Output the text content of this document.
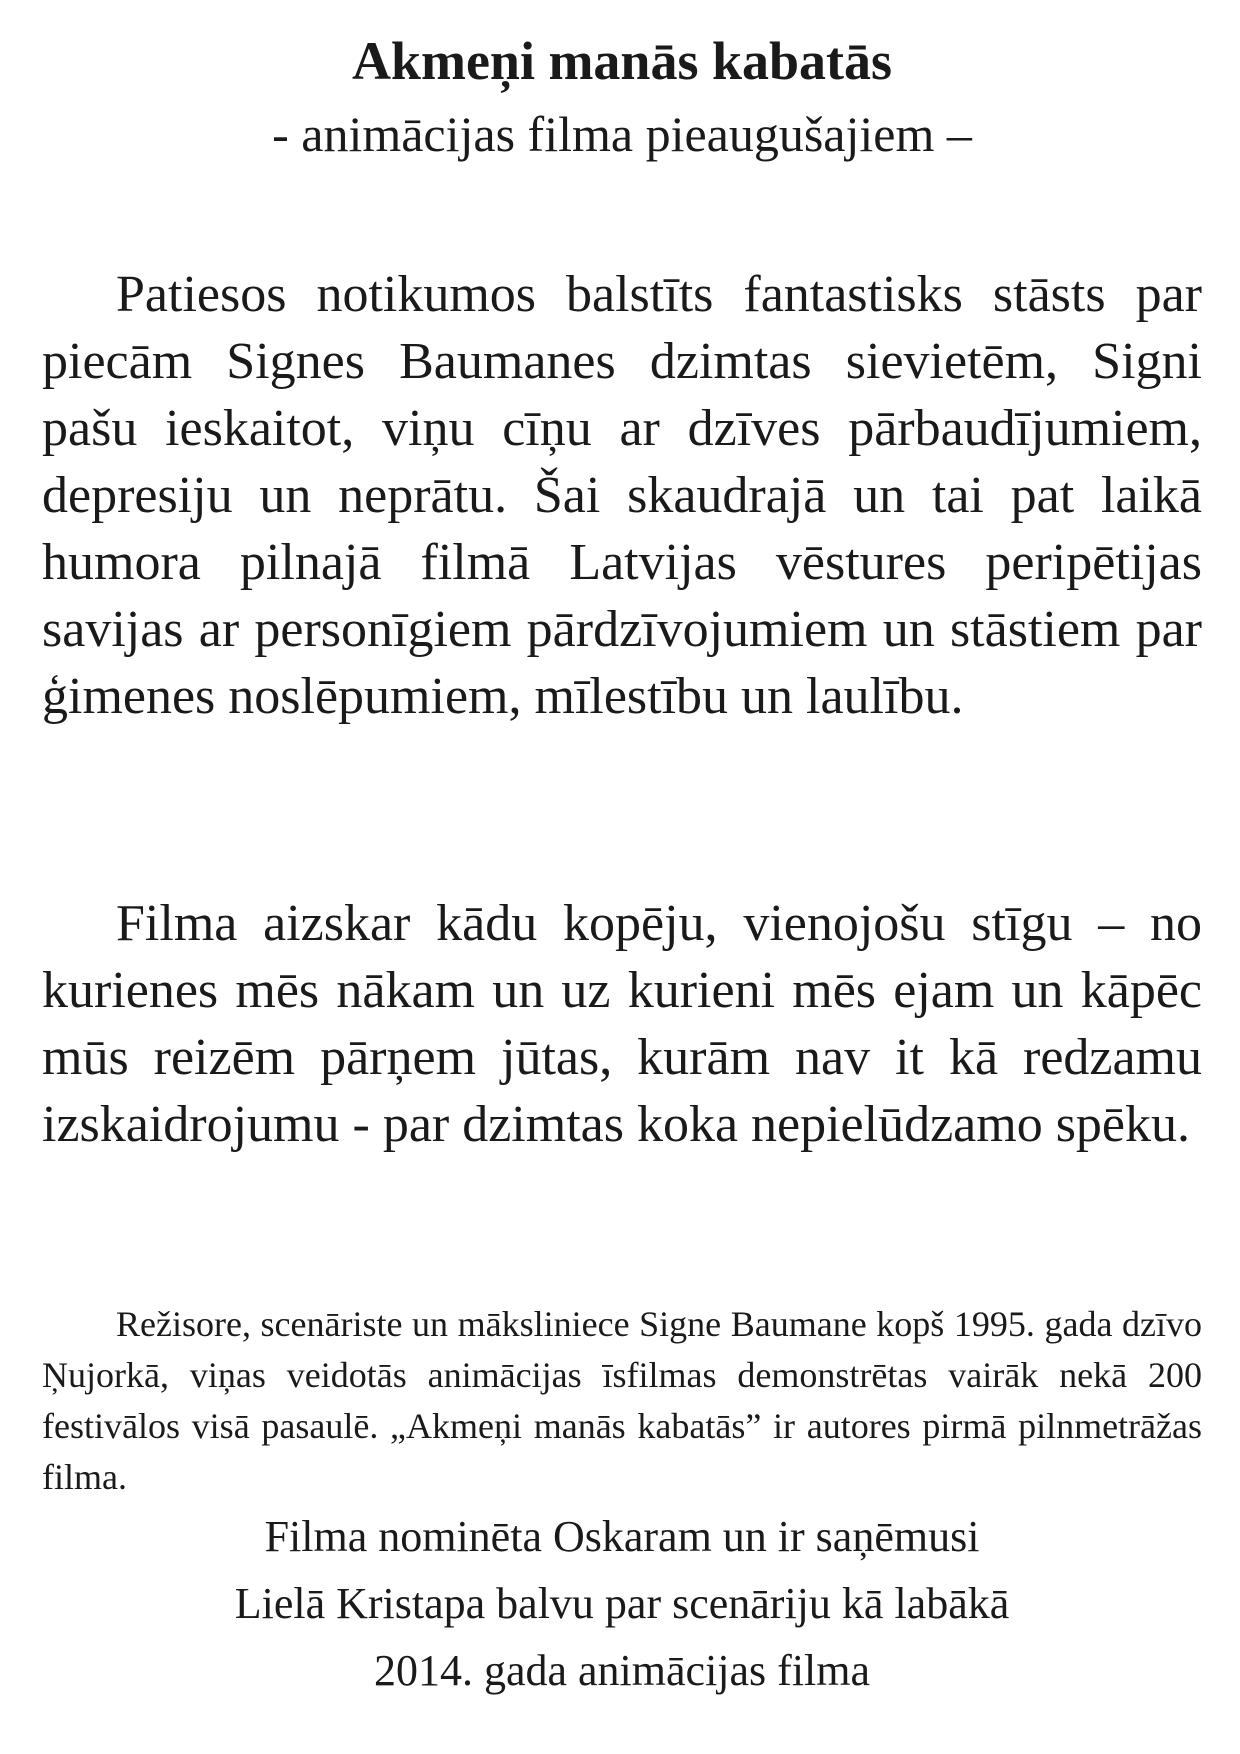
Akmeņi manās kabatās

- animācijas filma pieaugušajiem –

Patiesos notikumos balstīts fantastisks stāsts par piecām Signes Baumanes dzimtas sievietēm, Signi pašu ieskaitot, viņu cīņu ar dzīves pārbaudījumiem, depresiju un neprātu. Šai skaudrajā un tai pat laikā humora pilnajā filmā Latvijas vēstures peripētijas savijas ar personīgiem pārdzīvojumiem un stāstiem par ģimenes noslēpumiem, mīlestību un laulību.

Filma aizskar kādu kopēju, vienojošu stīgu – no kurienes mēs nākam un uz kurieni mēs ejam un kāpēc mūs reizēm pārņem jūtas, kurām nav it kā redzamu izskaidrojumu - par dzimtas koka nepielūdzamo spēku.

Režisore, scenāriste un māksliniece Signe Baumane kopš 1995. gada dzīvo Ņujorkā, viņas veidotās animācijas īsfilmas demonstrētas vairāk nekā 200 festivālos visā pasaulē. „Akmeņi manās kabatās” ir autores pirmā pilnmetrāžas filma.

Filma nominēta Oskaram un ir saņēmusi
Lielā Kristapa balvu par scenāriju kā labākā
2014. gada animācijas filma
